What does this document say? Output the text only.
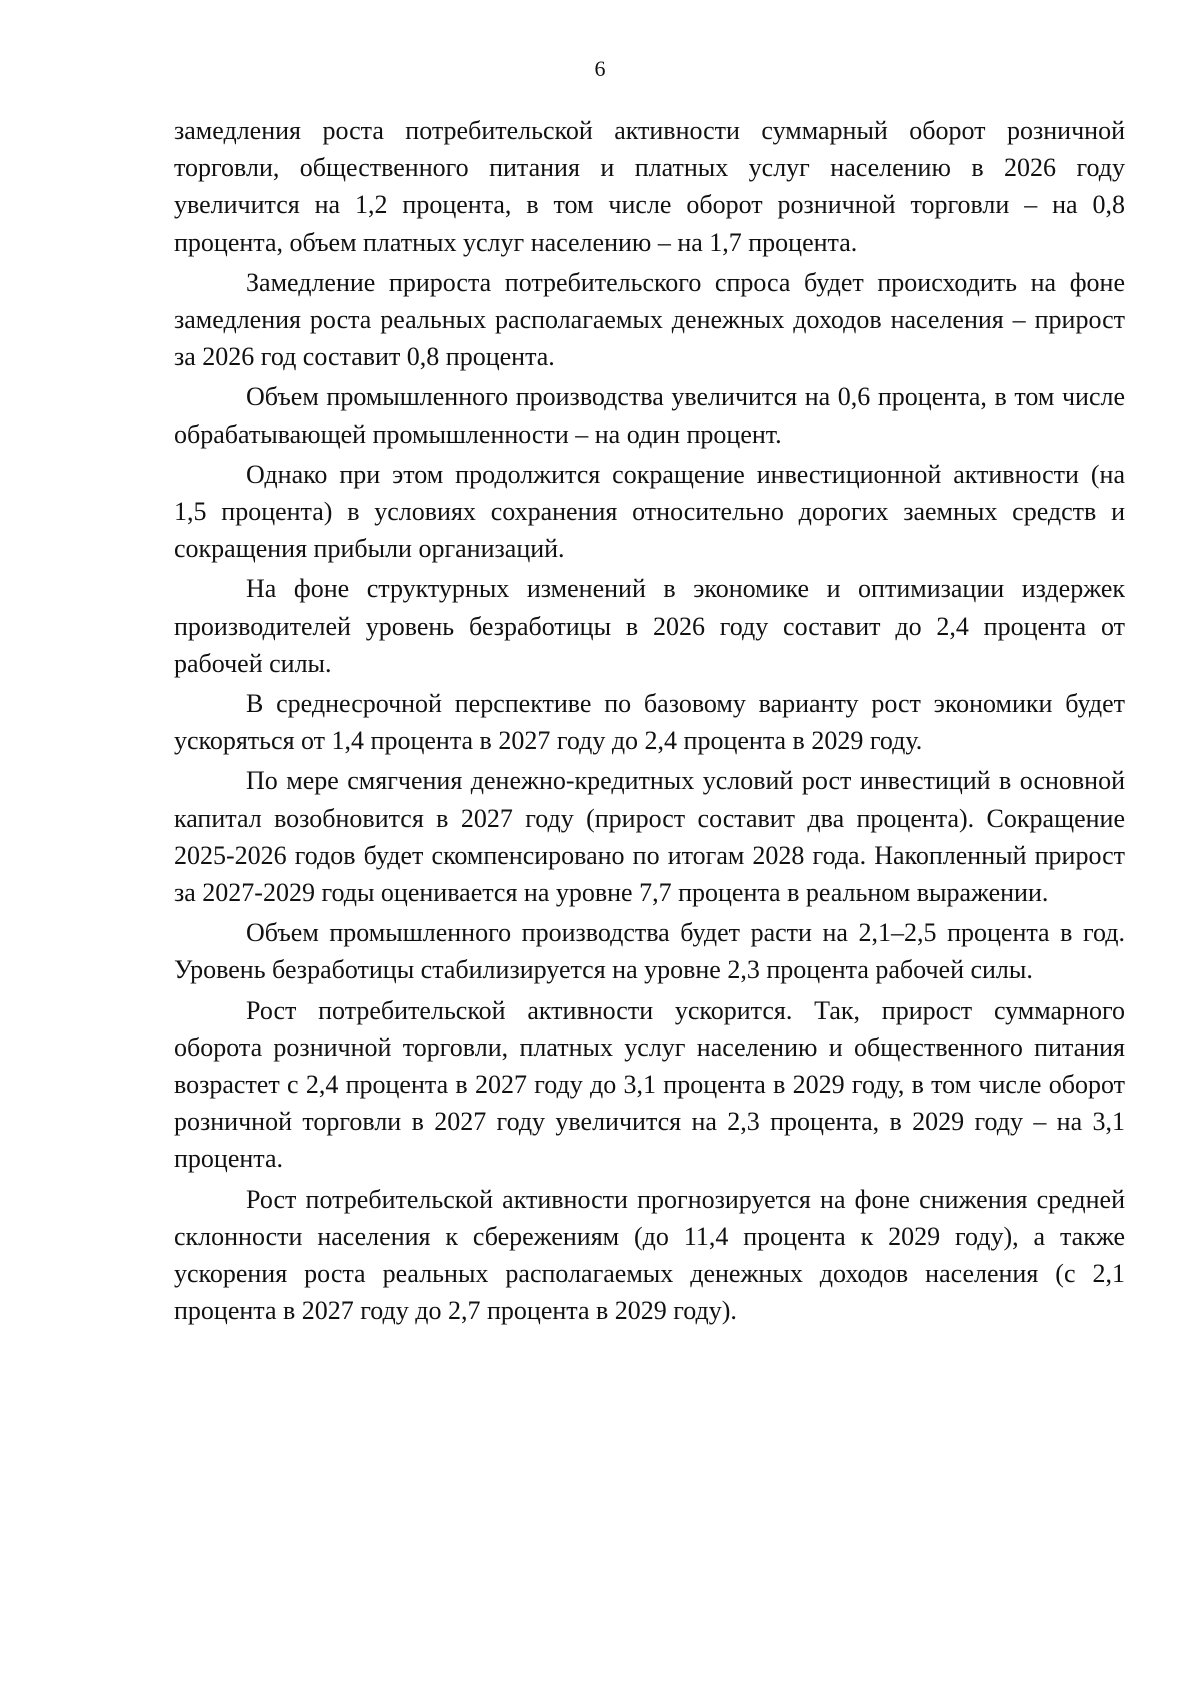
6

замедления роста потребительской активности суммарный оборот розничной торговли, общественного питания и платных услуг населению в 2026 году увеличится на 1,2 процента, в том числе оборот розничной торговли – на 0,8 процента, объем платных услуг населению – на 1,7 процента.

Замедление прироста потребительского спроса будет происходить на фоне замедления роста реальных располагаемых денежных доходов населения – прирост за 2026 год составит 0,8 процента.

Объем промышленного производства увеличится на 0,6 процента, в том числе обрабатывающей промышленности – на один процент.

Однако при этом продолжится сокращение инвестиционной активности (на 1,5 процента) в условиях сохранения относительно дорогих заемных средств и сокращения прибыли организаций.

На фоне структурных изменений в экономике и оптимизации издержек производителей уровень безработицы в 2026 году составит до 2,4 процента от рабочей силы.

В среднесрочной перспективе по базовому варианту рост экономики будет ускоряться от 1,4 процента в 2027 году до 2,4 процента в 2029 году.

По мере смягчения денежно-кредитных условий рост инвестиций в основной капитал возобновится в 2027 году (прирост составит два процента). Сокращение 2025-2026 годов будет скомпенсировано по итогам 2028 года. Накопленный прирост за 2027-2029 годы оценивается на уровне 7,7 процента в реальном выражении.

Объем промышленного производства будет расти на 2,1–2,5 процента в год. Уровень безработицы стабилизируется на уровне 2,3 процента рабочей силы.

Рост потребительской активности ускорится. Так, прирост суммарного оборота розничной торговли, платных услуг населению и общественного питания возрастет с 2,4 процента в 2027 году до 3,1 процента в 2029 году, в том числе оборот розничной торговли в 2027 году увеличится на 2,3 процента, в 2029 году – на 3,1 процента.

Рост потребительской активности прогнозируется на фоне снижения средней склонности населения к сбережениям (до 11,4 процента к 2029 году), а также ускорения роста реальных располагаемых денежных доходов населения (с 2,1 процента в 2027 году до 2,7 процента в 2029 году).
